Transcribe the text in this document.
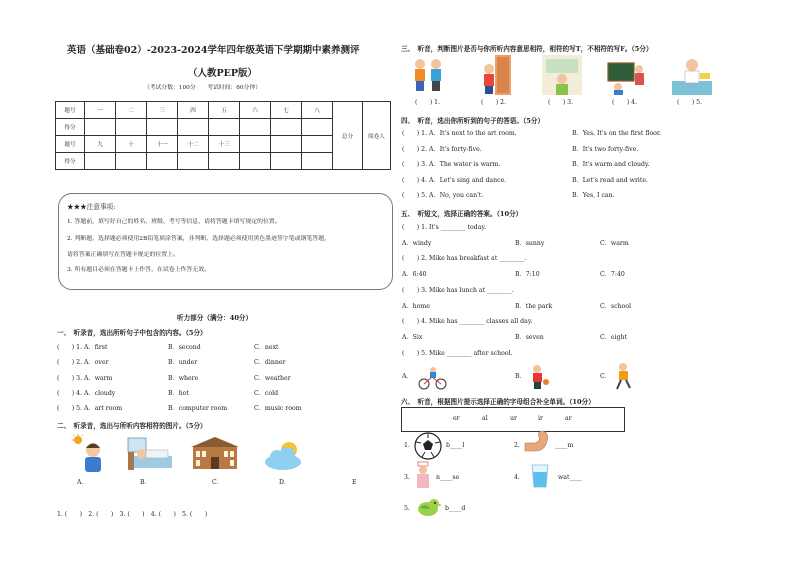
英语（基础卷02）-2023-2024学年四年级英语下学期期中素养测评
（人教PEP版）
（考试分数：100分　　考试时间：60分钟）
题号	一	二	三	四	五	六	七	八	总分	阅卷人
得分										
题号	九	十	十一	十二	十三					
得分										
★★★注意事项:
1. 答题前，填写好自己的姓名、班级、考号等信息，请将答题卡填写规定的位置。
2. 判断题、选择题必须使用2B铅笔填涂答案，非判断、选择题必须使用黑色墨迹签字笔或钢笔答题，
请将答案正确填写在答题卡规定的位置上。
3. 所有题目必须在答题卡上作答，在试卷上作答无效。
听力部分（满分：40分）
一、　听录音，选出所听句子中包含的内容。（5分）
(　　) 1. A．first	B．second	C．next
(　　) 2. A．over	B．under	C．dinner
(　　) 3. A．warm	B．where	C．weather
(　　) 4. A．cloudy	B．hot	C．cold
(　　) 5. A．art room	B．computer room	C．music room
二、　听录音，选出与所听内容相符的图片。（5分）
A．	B．	C．	D．	E
1. (　　)　2. (　　)　3. (　　)　4. (　　)　5. (　　)
三、　听音，判断图片是否与你所听内容意思相符，相符的写T，不相符的写F。（5分）
(　　) 1.	(　　) 2.	(　　) 3.	(　　) 4.	(　　) 5.
四、　听音，选出你所听到的句子的答语。（5分）
(　　) 1. A．It's next to the art room.	B．Yes. It's on the first floor.
(　　) 2. A．It's forty-five.	B．It's two forty-five.
(　　) 3. A．The water is warm.	B．It's warm and cloudy.
(　　) 4. A．Let's sing and dance.	B．Let's read and write.
(　　) 5. A．No, you can't.	B．Yes, I can.
五、　听短文，选择正确的答案。（10分）
(　　) 1. It's ________ today.
A．windy	B．sunny	C．warm
(　　) 2. Mike has breakfast at ________.
A．6:40	B．7:10	C．7:40
(　　) 3. Mike has lunch at ________.
A．home	B．the park	C．school
(　　) 4. Mike has ________ classes all day.
A．Six	B．seven	C．eight
(　　) 5. Mike ________ after school.
A．	B．	C．
六、　听音，根据图片提示选择正确的字母组合补全单词。（10分）
er	al	ur	ir	ar
1.	b____l	2.	____m
3.	n____se	4.	wat____
5.	b____d
